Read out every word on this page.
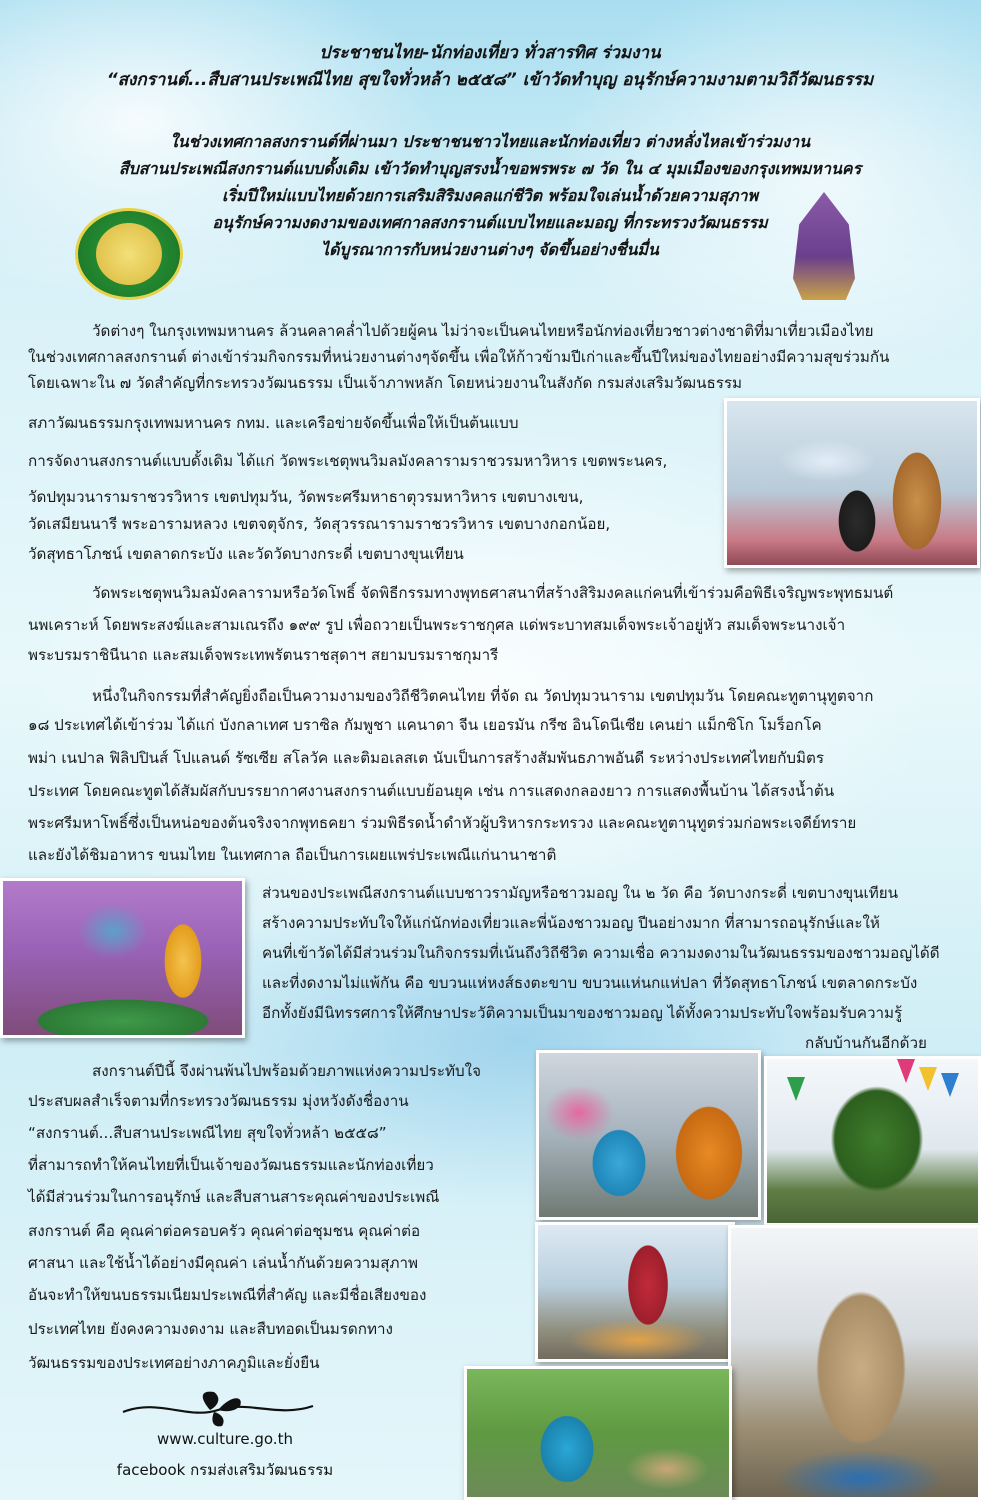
ประชาชนไทย-นักท่องเที่ยว ทั่วสารทิศ ร่วมงาน
“สงกรานต์...สืบสานประเพณีไทย สุขใจทั่วหล้า ๒๕๕๘” เข้าวัดทำบุญ อนุรักษ์ความงามตามวิถีวัฒนธรรม
ในช่วงเทศกาลสงกรานต์ที่ผ่านมา ประชาชนชาวไทยและนักท่องเที่ยว ต่างหลั่งไหลเข้าร่วมงาน
สืบสานประเพณีสงกรานต์แบบดั้งเดิม เข้าวัดทำบุญสรงน้ำขอพรพระ ๗ วัด ใน ๔ มุมเมืองของกรุงเทพมหานคร
เริ่มปีใหม่แบบไทยด้วยการเสริมสิริมงคลแก่ชีวิต พร้อมใจเล่นน้ำด้วยความสุภาพ
อนุรักษ์ความงดงามของเทศกาลสงกรานต์แบบไทยและมอญ ที่กระทรวงวัฒนธรรม
ได้บูรณาการกับหน่วยงานต่างๆ จัดขึ้นอย่างชื่นมื่น
วัดต่างๆ ในกรุงเทพมหานคร ล้วนคลาคล่ำไปด้วยผู้คน ไม่ว่าจะเป็นคนไทยหรือนักท่องเที่ยวชาวต่างชาติที่มาเที่ยวเมืองไทย
ในช่วงเทศกาลสงกรานต์ ต่างเข้าร่วมกิจกรรมที่หน่วยงานต่างๆจัดขึ้น เพื่อให้ก้าวข้ามปีเก่าและขึ้นปีใหม่ของไทยอย่างมีความสุขร่วมกัน
โดยเฉพาะใน ๗ วัดสำคัญที่กระทรวงวัฒนธรรม เป็นเจ้าภาพหลัก โดยหน่วยงานในสังกัด กรมส่งเสริมวัฒนธรรม
สภาวัฒนธรรมกรุงเทพมหานคร กทม. และเครือข่ายจัดขึ้นเพื่อให้เป็นต้นแบบ
การจัดงานสงกรานต์แบบดั้งเดิม ได้แก่ วัดพระเชตุพนวิมลมังคลารามราชวรมหาวิหาร เขตพระนคร,
วัดปทุมวนารามราชวรวิหาร เขตปทุมวัน, วัดพระศรีมหาธาตุวรมหาวิหาร เขตบางเขน,
วัดเสมียนนารี พระอารามหลวง เขตจตุจักร, วัดสุวรรณารามราชวรวิหาร เขตบางกอกน้อย,
วัดสุทธาโภชน์ เขตลาดกระบัง และวัดวัดบางกระดี่ เขตบางขุนเทียน
วัดพระเชตุพนวิมลมังคลารามหรือวัดโพธิ์ จัดพิธีกรรมทางพุทธศาสนาที่สร้างสิริมงคลแก่คนที่เข้าร่วมคือพิธีเจริญพระพุทธมนต์
นพเคราะห์ โดยพระสงฆ์และสามเณรถึง ๑๙๙ รูป เพื่อถวายเป็นพระราชกุศล แด่พระบาทสมเด็จพระเจ้าอยู่หัว สมเด็จพระนางเจ้า
พระบรมราชินีนาถ และสมเด็จพระเทพรัตนราชสุดาฯ สยามบรมราชกุมารี
หนึ่งในกิจกรรมที่สำคัญยิ่งถือเป็นความงามของวิถีชีวิตคนไทย ที่จัด ณ วัดปทุมวนาราม เขตปทุมวัน โดยคณะทูตานุทูตจาก
๑๘ ประเทศได้เข้าร่วม ได้แก่ บังกลาเทศ บราซิล กัมพูชา แคนาดา จีน เยอรมัน กรีซ อินโดนีเซีย เคนย่า แม็กซิโก โมร็อกโค
พม่า เนปาล ฟิลิปปินส์ โปแลนด์ รัซเซีย สโลวัค และติมอเลสเต นับเป็นการสร้างสัมพันธภาพอันดี ระหว่างประเทศไทยกับมิตร
ประเทศ โดยคณะทูตได้สัมผัสกับบรรยากาศงานสงกรานต์แบบย้อนยุค เช่น การแสดงกลองยาว การแสดงพื้นบ้าน ได้สรงน้ำต้น
พระศรีมหาโพธิ์ซึ่งเป็นหน่อของต้นจริงจากพุทธคยา ร่วมพิธีรดน้ำดำหัวผู้บริหารกระทรวง และคณะทูตานุทูตร่วมก่อพระเจดีย์ทราย
และยังได้ชิมอาหาร ขนมไทย ในเทศกาล ถือเป็นการเผยแพร่ประเพณีแก่นานาชาติ
ส่วนของประเพณีสงกรานต์แบบชาวรามัญหรือชาวมอญ ใน ๒ วัด คือ วัดบางกระดี่ เขตบางขุนเทียน
สร้างความประทับใจให้แก่นักท่องเที่ยวและพี่น้องชาวมอญ ปีนอย่างมาก ที่สามารถอนุรักษ์และให้
คนที่เข้าวัดได้มีส่วนร่วมในกิจกรรมที่เน้นถึงวิถีชีวิต ความเชื่อ ความงดงามในวัฒนธรรมของชาวมอญได้ดี
และที่งดงามไม่แพ้กัน คือ ขบวนแห่หงส์ธงตะขาบ ขบวนแห่นกแห่ปลา ที่วัดสุทธาโภชน์ เขตลาดกระบัง
อีกทั้งยังมีนิทรรศการให้ศึกษาประวัติความเป็นมาของชาวมอญ ได้ทั้งความประทับใจพร้อมรับความรู้
กลับบ้านกันอีกด้วย
สงกรานต์ปีนี้ จึงผ่านพ้นไปพร้อมด้วยภาพแห่งความประทับใจ
ประสบผลสำเร็จตามที่กระทรวงวัฒนธรรม มุ่งหวังดังชื่องาน
“สงกรานต์...สืบสานประเพณีไทย สุขใจทั่วหล้า ๒๕๕๘”
ที่สามารถทำให้คนไทยที่เป็นเจ้าของวัฒนธรรมและนักท่องเที่ยว
ได้มีส่วนร่วมในการอนุรักษ์ และสืบสานสาระคุณค่าของประเพณี
สงกรานต์ คือ คุณค่าต่อครอบครัว คุณค่าต่อชุมชน คุณค่าต่อ
ศาสนา และใช้น้ำได้อย่างมีคุณค่า เล่นน้ำกันด้วยความสุภาพ
อันจะทำให้ขนบธรรมเนียมประเพณีที่สำคัญ และมีชื่อเสียงของ
ประเทศไทย ยังคงความงดงาม และสืบทอดเป็นมรดกทาง
วัฒนธรรมของประเทศอย่างภาคภูมิและยั่งยืน
www.culture.go.th
facebook กรมส่งเสริมวัฒนธรรม
